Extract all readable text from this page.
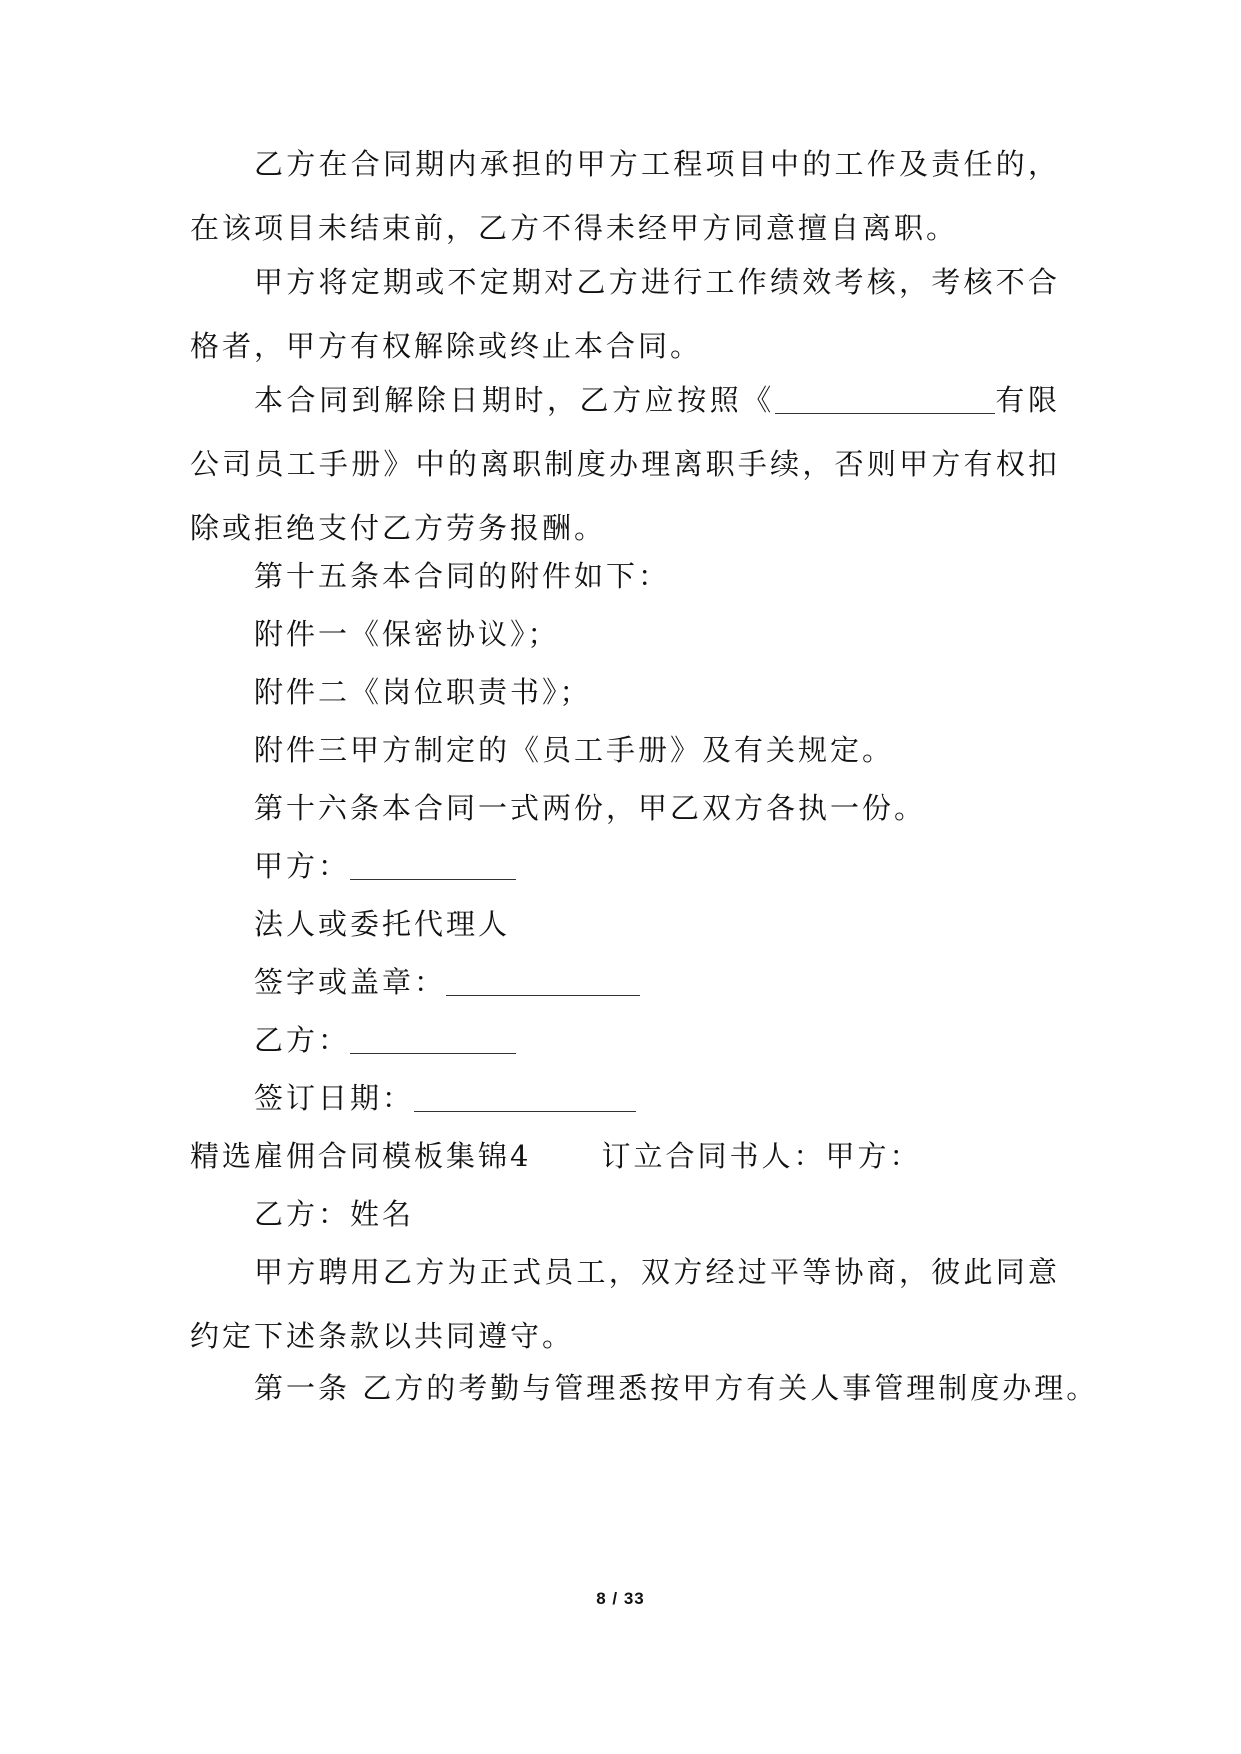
乙方在合同期内承担的甲方工程项目中的工作及责任的，在该项目未结束前，乙方不得未经甲方同意擅自离职。

甲方将定期或不定期对乙方进行工作绩效考核，考核不合格者，甲方有权解除或终止本合同。

本合同到解除日期时，乙方应按照《	有限公司员工手册》中的离职制度办理离职手续，否则甲方有权扣除或拒绝支付乙方劳务报酬。

第十五条本合同的附件如下：

附件一《保密协议》；

附件二《岗位职责书》；

附件三甲方制定的《员工手册》及有关规定。

第十六条本合同一式两份，甲乙双方各执一份。

甲方：

法人或委托代理人

签字或盖章：

乙方：

签订日期：

精选雇佣合同模板集锦4 订立合同书人：甲方：

乙方：姓名

甲方聘用乙方为正式员工，双方经过平等协商，彼此同意约定下述条款以共同遵守。

第一条 乙方的考勤与管理悉按甲方有关人事管理制度办理。

8 / 33
